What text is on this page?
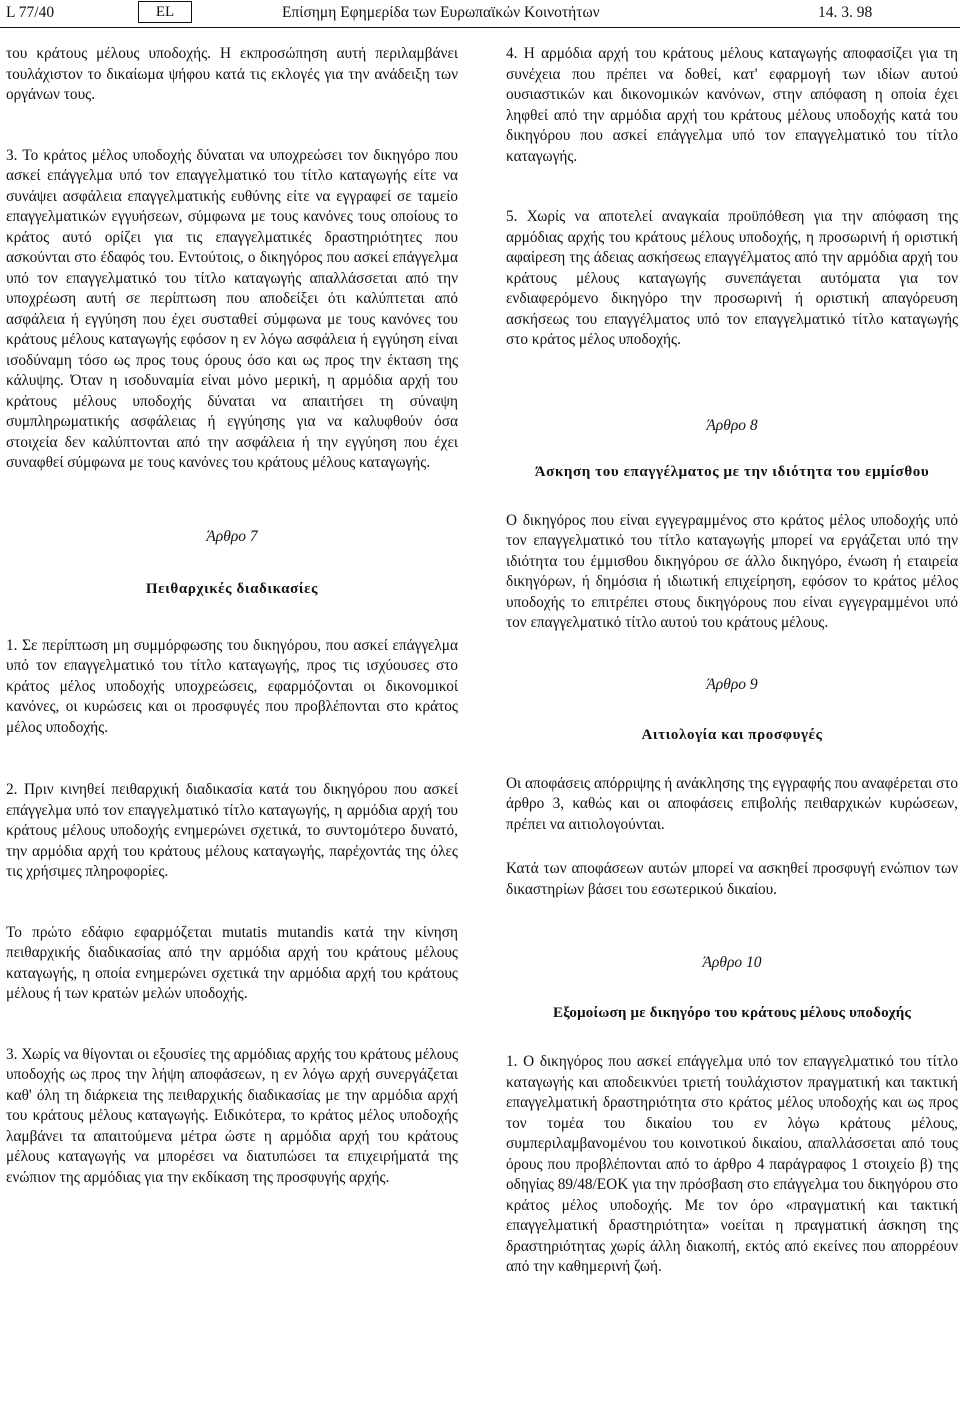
L 77/40	EL	Επίσημη Εφημερίδα των Ευρωπαϊκών Κοινοτήτων	14. 3. 98

του κράτους μέλους υποδοχής. Η εκπροσώπηση αυτή περιλαμβάνει τουλάχιστον το δικαίωμα ψήφου κατά τις εκλογές για την ανάδειξη των οργάνων τους.

3. Το κράτος μέλος υποδοχής δύναται να υποχρεώσει τον δικηγόρο που ασκεί επάγγελμα υπό τον επαγγελματικό του τίτλο καταγωγής είτε να συνάψει ασφάλεια επαγγελματικής ευθύνης είτε να εγγραφεί σε ταμείο επαγγελματικών εγγυήσεων, σύμφωνα με τους κανόνες τους οποίους το κράτος αυτό ορίζει για τις επαγγελματικές δραστηριότητες που ασκούνται στο έδαφός του. Εντούτοις, ο δικηγόρος που ασκεί επάγγελμα υπό τον επαγγελματικό του τίτλο καταγωγής απαλλάσσεται από την υποχρέωση αυτή σε περίπτωση που αποδείξει ότι καλύπτεται από ασφάλεια ή εγγύηση που έχει συσταθεί σύμφωνα με τους κανόνες του κράτους μέλους καταγωγής εφόσον η εν λόγω ασφάλεια ή εγγύηση είναι ισοδύναμη τόσο ως προς τους όρους όσο και ως προς την έκταση της κάλυψης. Όταν η ισοδυναμία είναι μόνο μερική, η αρμόδια αρχή του κράτους μέλους υποδοχής δύναται να απαιτήσει τη σύναψη συμπληρωματικής ασφάλειας ή εγγύησης για να καλυφθούν όσα στοιχεία δεν καλύπτονται από την ασφάλεια ή την εγγύηση που έχει συναφθεί σύμφωνα με τους κανόνες του κράτους μέλους καταγωγής.

Άρθρο 7

Πειθαρχικές διαδικασίες

1. Σε περίπτωση μη συμμόρφωσης του δικηγόρου, που ασκεί επάγγελμα υπό τον επαγγελματικό του τίτλο καταγωγής, προς τις ισχύουσες στο κράτος μέλος υποδοχής υποχρεώσεις, εφαρμόζονται οι δικονομικοί κανόνες, οι κυρώσεις και οι προσφυγές που προβλέπονται στο κράτος μέλος υποδοχής.

2. Πριν κινηθεί πειθαρχική διαδικασία κατά του δικηγόρου που ασκεί επάγγελμα υπό τον επαγγελματικό τίτλο καταγωγής, η αρμόδια αρχή του κράτους μέλους υποδοχής ενημερώνει σχετικά, το συντομότερο δυνατό, την αρμόδια αρχή του κράτους μέλους καταγωγής, παρέχοντάς της όλες τις χρήσιμες πληροφορίες.

Το πρώτο εδάφιο εφαρμόζεται mutatis mutandis κατά την κίνηση πειθαρχικής διαδικασίας από την αρμόδια αρχή του κράτους μέλους καταγωγής, η οποία ενημερώνει σχετικά την αρμόδια αρχή του κράτους μέλους ή των κρατών μελών υποδοχής.

3. Χωρίς να θίγονται οι εξουσίες της αρμόδιας αρχής του κράτους μέλους υποδοχής ως προς την λήψη αποφάσεων, η εν λόγω αρχή συνεργάζεται καθ' όλη τη διάρκεια της πειθαρχικής διαδικασίας με την αρμόδια αρχή του κράτους μέλους καταγωγής. Ειδικότερα, το κράτος μέλος υποδοχής λαμβάνει τα απαιτούμενα μέτρα ώστε η αρμόδια αρχή του κράτους μέλους καταγωγής να μπορέσει να διατυπώσει τα επιχειρήματά της ενώπιον της αρμόδιας για την εκδίκαση της προσφυγής αρχής.

4. Η αρμόδια αρχή του κράτους μέλους καταγωγής αποφασίζει για τη συνέχεια που πρέπει να δοθεί, κατ' εφαρμογή των ιδίων αυτού ουσιαστικών και δικονομικών κανόνων, στην απόφαση η οποία έχει ληφθεί από την αρμόδια αρχή του κράτους μέλους υποδοχής κατά του δικηγόρου που ασκεί επάγγελμα υπό τον επαγγελματικό του τίτλο καταγωγής.

5. Χωρίς να αποτελεί αναγκαία προϋπόθεση για την απόφαση της αρμόδιας αρχής του κράτους μέλους υποδοχής, η προσωρινή ή οριστική αφαίρεση της άδειας ασκήσεως επαγγέλματος από την αρμόδια αρχή του κράτους μέλους καταγωγής συνεπάγεται αυτόματα για τον ενδιαφερόμενο δικηγόρο την προσωρινή ή οριστική απαγόρευση ασκήσεως του επαγγέλματος υπό τον επαγγελματικό τίτλο καταγωγής στο κράτος μέλος υποδοχής.

Άρθρο 8

Άσκηση του επαγγέλματος με την ιδιότητα του εμμίσθου

Ο δικηγόρος που είναι εγγεγραμμένος στο κράτος μέλος υποδοχής υπό τον επαγγελματικό του τίτλο καταγωγής μπορεί να εργάζεται υπό την ιδιότητα του έμμισθου δικηγόρου σε άλλο δικηγόρο, ένωση ή εταιρεία δικηγόρων, ή δημόσια ή ιδιωτική επιχείρηση, εφόσον το κράτος μέλος υποδοχής το επιτρέπει στους δικηγόρους που είναι εγγεγραμμένοι υπό τον επαγγελματικό τίτλο αυτού του κράτους μέλους.

Άρθρο 9

Αιτιολογία και προσφυγές

Οι αποφάσεις απόρριψης ή ανάκλησης της εγγραφής που αναφέρεται στο άρθρο 3, καθώς και οι αποφάσεις επιβολής πειθαρχικών κυρώσεων, πρέπει να αιτιολογούνται.

Κατά των αποφάσεων αυτών μπορεί να ασκηθεί προσφυγή ενώπιον των δικαστηρίων βάσει του εσωτερικού δικαίου.

Άρθρο 10

Εξομοίωση με δικηγόρο του κράτους μέλους υποδοχής

1. Ο δικηγόρος που ασκεί επάγγελμα υπό τον επαγγελματικό του τίτλο καταγωγής και αποδεικνύει τριετή τουλάχιστον πραγματική και τακτική επαγγελματική δραστηριότητα στο κράτος μέλος υποδοχής και ως προς τον τομέα του δικαίου του εν λόγω κράτους μέλους, συμπεριλαμβανομένου του κοινοτικού δικαίου, απαλλάσσεται από τους όρους που προβλέπονται από το άρθρο 4 παράγραφος 1 στοιχείο β) της οδηγίας 89/48/ΕΟΚ για την πρόσβαση στο επάγγελμα του δικηγόρου στο κράτος μέλος υποδοχής. Με τον όρο «πραγματική και τακτική επαγγελματική δραστηριότητα» νοείται η πραγματική άσκηση της δραστηριότητας χωρίς άλλη διακοπή, εκτός από εκείνες που απορρέουν από την καθημερινή ζωή.
